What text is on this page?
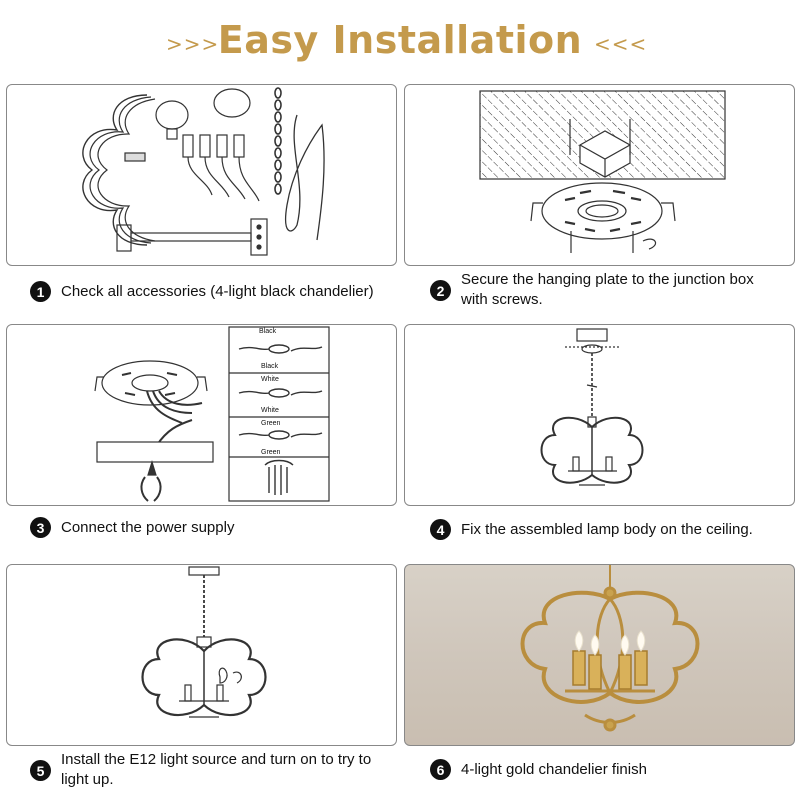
>>>
Easy Installation <<<
1	Check all accessories (4-light black chandelier)	2
Secure the hanging plate to the junction box with screws.
Black
Black
White
White
Green
Green
3	Connect the power supply	4	Fix the assembled lamp body on the ceiling.
5
Install the E12 light source and turn on to try to light up.
6	4-light gold chandelier finish
